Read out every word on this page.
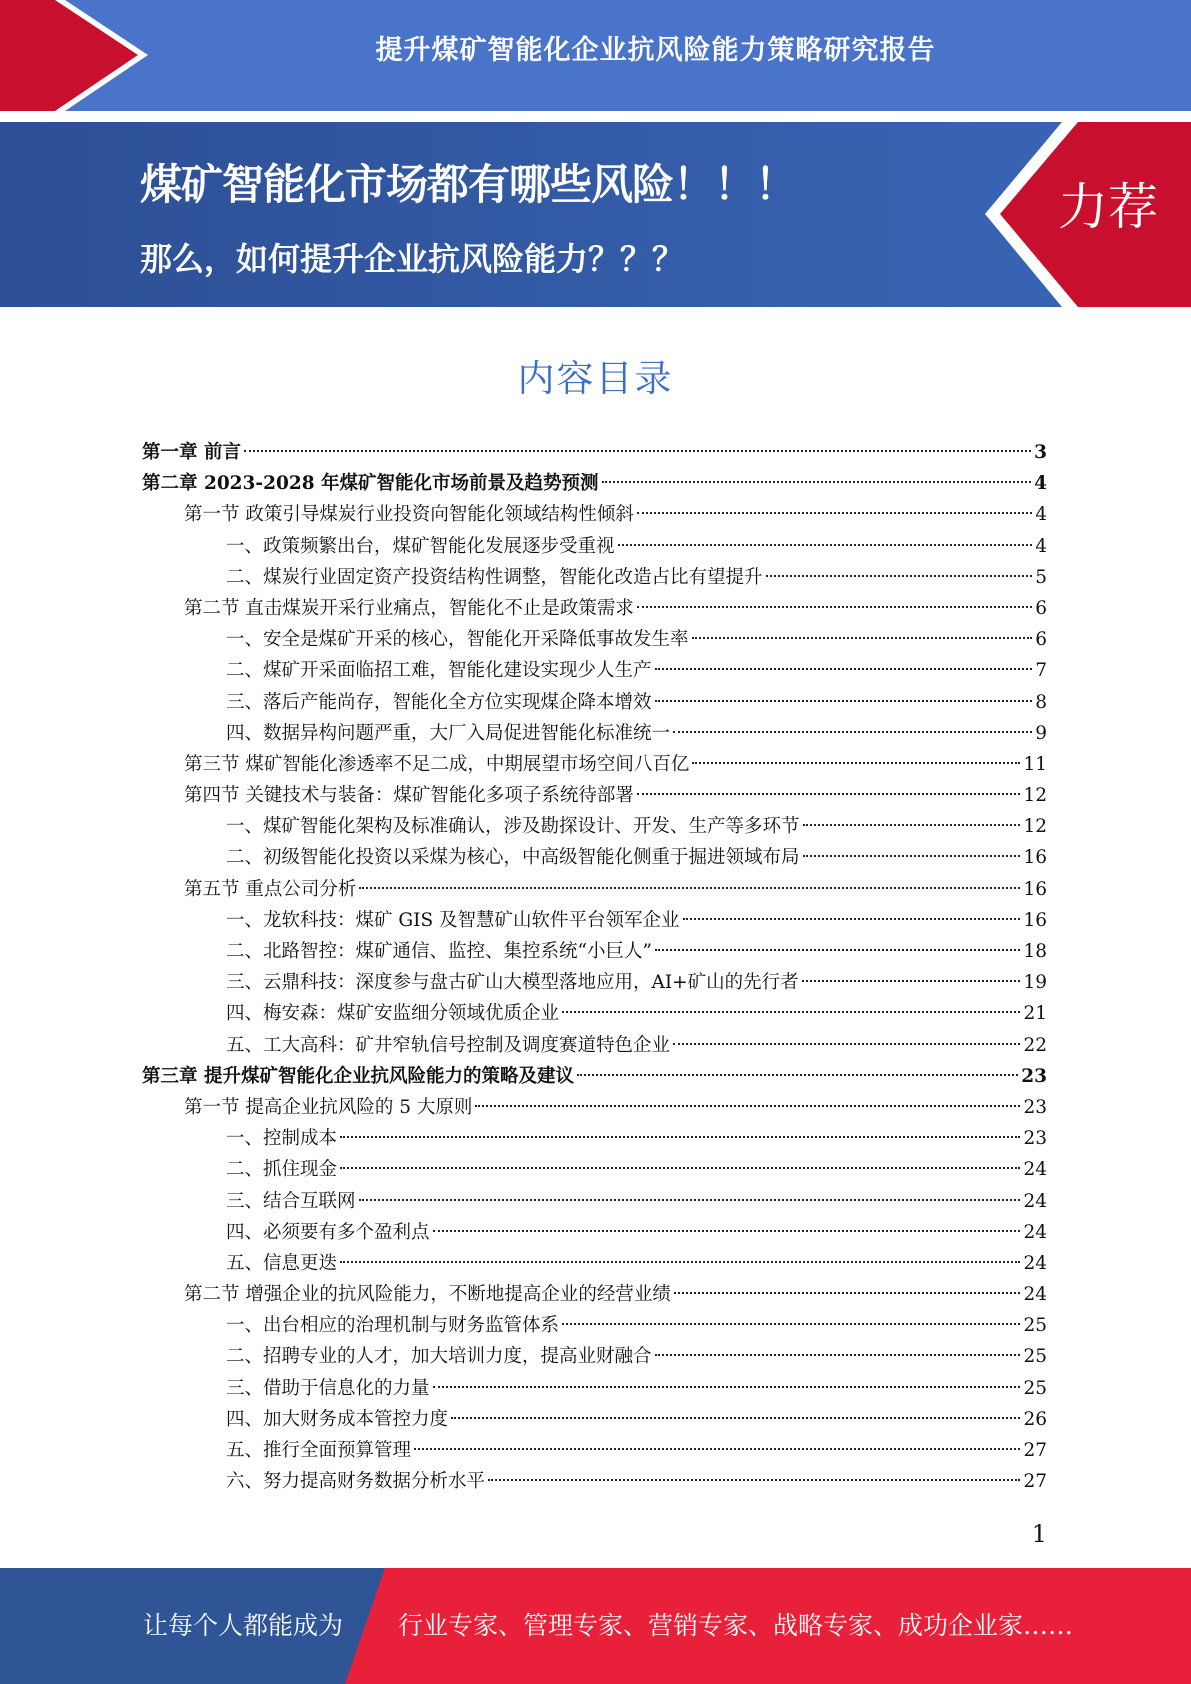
提升煤矿智能化企业抗风险能力策略研究报告
煤矿智能化市场都有哪些风险！！！
那么，如何提升企业抗风险能力？？？
力荐
内容目录
第一章 前言	3
第二章 2023-2028 年煤矿智能化市场前景及趋势预测	4
第一节 政策引导煤炭行业投资向智能化领域结构性倾斜	4
一、政策频繁出台，煤矿智能化发展逐步受重视	4
二、煤炭行业固定资产投资结构性调整，智能化改造占比有望提升	5
第二节 直击煤炭开采行业痛点，智能化不止是政策需求	6
一、安全是煤矿开采的核心，智能化开采降低事故发生率	6
二、煤矿开采面临招工难，智能化建设实现少人生产	7
三、落后产能尚存，智能化全方位实现煤企降本增效	8
四、数据异构问题严重，大厂入局促进智能化标准统一	9
第三节 煤矿智能化渗透率不足二成，中期展望市场空间八百亿	11
第四节 关键技术与装备：煤矿智能化多项子系统待部署	12
一、煤矿智能化架构及标准确认，涉及勘探设计、开发、生产等多环节	12
二、初级智能化投资以采煤为核心，中高级智能化侧重于掘进领域布局	16
第五节 重点公司分析	16
一、龙软科技：煤矿 GIS 及智慧矿山软件平台领军企业	16
二、北路智控：煤矿通信、监控、集控系统“小巨人”	18
三、云鼎科技：深度参与盘古矿山大模型落地应用，AI+矿山的先行者	19
四、梅安森：煤矿安监细分领域优质企业	21
五、工大高科：矿井窄轨信号控制及调度赛道特色企业	22
第三章 提升煤矿智能化企业抗风险能力的策略及建议	23
第一节 提高企业抗风险的 5 大原则	23
一、控制成本	23
二、抓住现金	24
三、结合互联网	24
四、必须要有多个盈利点	24
五、信息更迭	24
第二节 增强企业的抗风险能力，不断地提高企业的经营业绩	24
一、出台相应的治理机制与财务监管体系	25
二、招聘专业的人才，加大培训力度，提高业财融合	25
三、借助于信息化的力量	25
四、加大财务成本管控力度	26
五、推行全面预算管理	27
六、努力提高财务数据分析水平	27
1
让每个人都能成为 行业专家、管理专家、营销专家、战略专家、成功企业家……
